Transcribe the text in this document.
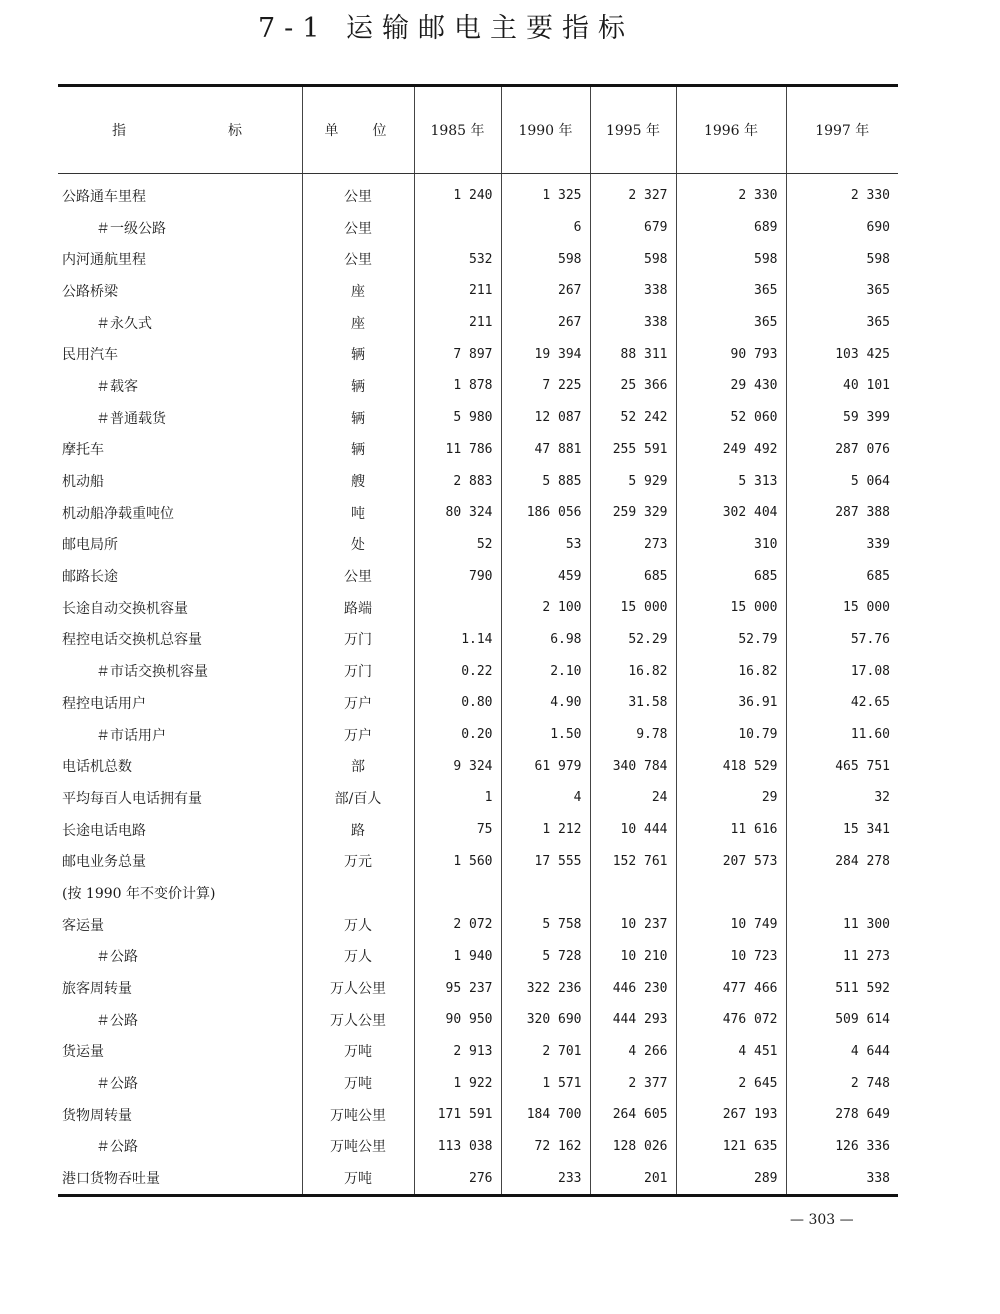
7-1 运输邮电主要指标
指 标	单 位	1985 年	1990 年	1995 年	1996 年	1997 年
公路通车里程	公里	1 240	1 325	2 327	2 330	2 330
＃一级公路	公里		6	679	689	690
内河通航里程	公里	532	598	598	598	598
公路桥梁	座	211	267	338	365	365
＃永久式	座	211	267	338	365	365
民用汽车	辆	7 897	19 394	88 311	90 793	103 425
＃载客	辆	1 878	7 225	25 366	29 430	40 101
＃普通载货	辆	5 980	12 087	52 242	52 060	59 399
摩托车	辆	11 786	47 881	255 591	249 492	287 076
机动船	艘	2 883	5 885	5 929	5 313	5 064
机动船净载重吨位	吨	80 324	186 056	259 329	302 404	287 388
邮电局所	处	52	53	273	310	339
邮路长途	公里	790	459	685	685	685
长途自动交换机容量	路端		2 100	15 000	15 000	15 000
程控电话交换机总容量	万门	1.14	6.98	52.29	52.79	57.76
＃市话交换机容量	万门	0.22	2.10	16.82	16.82	17.08
程控电话用户	万户	0.80	4.90	31.58	36.91	42.65
＃市话用户	万户	0.20	1.50	9.78	10.79	11.60
电话机总数	部	9 324	61 979	340 784	418 529	465 751
平均每百人电话拥有量	部/百人	1	4	24	29	32
长途电话电路	路	75	1 212	10 444	11 616	15 341
邮电业务总量	万元	1 560	17 555	152 761	207 573	284 278
(按 1990 年不变价计算)						
客运量	万人	2 072	5 758	10 237	10 749	11 300
＃公路	万人	1 940	5 728	10 210	10 723	11 273
旅客周转量	万人公里	95 237	322 236	446 230	477 466	511 592
＃公路	万人公里	90 950	320 690	444 293	476 072	509 614
货运量	万吨	2 913	2 701	4 266	4 451	4 644
＃公路	万吨	1 922	1 571	2 377	2 645	2 748
货物周转量	万吨公里	171 591	184 700	264 605	267 193	278 649
＃公路	万吨公里	113 038	72 162	128 026	121 635	126 336
港口货物吞吐量	万吨	276	233	201	289	338
— 303 —
